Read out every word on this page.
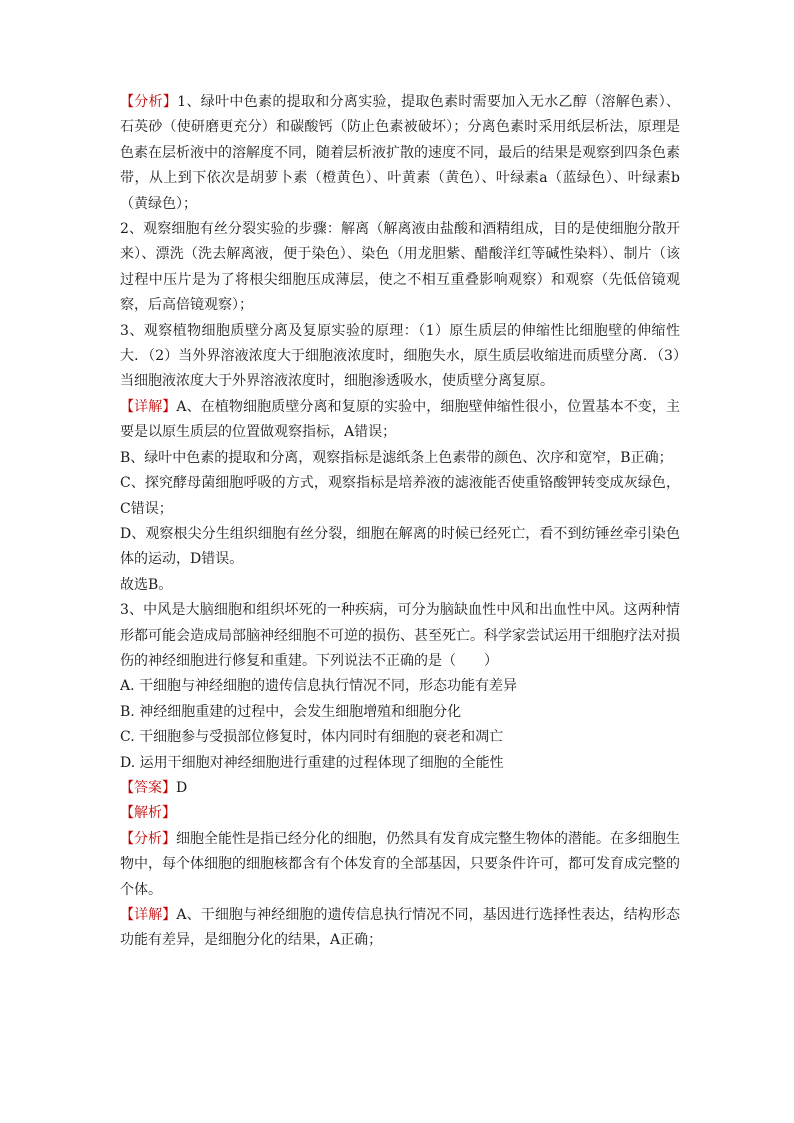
【分析】1、绿叶中色素的提取和分离实验，提取色素时需要加入无水乙醇（溶解色素）、石英砂（使研磨更充分）和碳酸钙（防止色素被破坏）；分离色素时采用纸层析法，原理是色素在层析液中的溶解度不同，随着层析液扩散的速度不同，最后的结果是观察到四条色素带，从上到下依次是胡萝卜素（橙黄色）、叶黄素（黄色）、叶绿素a（蓝绿色）、叶绿素b（黄绿色）；

2、观察细胞有丝分裂实验的步骤：解离（解离液由盐酸和酒精组成，目的是使细胞分散开来）、漂洗（洗去解离液，便于染色）、染色（用龙胆紫、醋酸洋红等碱性染料）、制片（该过程中压片是为了将根尖细胞压成薄层，使之不相互重叠影响观察）和观察（先低倍镜观察，后高倍镜观察）；

3、观察植物细胞质壁分离及复原实验的原理：（1）原生质层的伸缩性比细胞壁的伸缩性大．（2）当外界溶液浓度大于细胞液浓度时，细胞失水，原生质层收缩进而质壁分离．（3）当细胞液浓度大于外界溶液浓度时，细胞渗透吸水，使质壁分离复原。

【详解】A、在植物细胞质壁分离和复原的实验中，细胞壁伸缩性很小，位置基本不变，主要是以原生质层的位置做观察指标，A错误；

B、绿叶中色素的提取和分离，观察指标是滤纸条上色素带的颜色、次序和宽窄，B正确；

C、探究酵母菌细胞呼吸的方式，观察指标是培养液的滤液能否使重铬酸钾转变成灰绿色，C错误；

D、观察根尖分生组织细胞有丝分裂，细胞在解离的时候已经死亡，看不到纺锤丝牵引染色体的运动，D错误。

故选B。

3、中风是大脑细胞和组织坏死的一种疾病，可分为脑缺血性中风和出血性中风。这两种情形都可能会造成局部脑神经细胞不可逆的损伤、甚至死亡。科学家尝试运用干细胞疗法对损伤的神经细胞进行修复和重建。下列说法不正确的是（　　）

A. 干细胞与神经细胞的遗传信息执行情况不同，形态功能有差异

B. 神经细胞重建的过程中，会发生细胞增殖和细胞分化

C. 干细胞参与受损部位修复时，体内同时有细胞的衰老和凋亡

D. 运用干细胞对神经细胞进行重建的过程体现了细胞的全能性

【答案】D

【解析】

【分析】细胞全能性是指已经分化的细胞，仍然具有发育成完整生物体的潜能。在多细胞生物中，每个体细胞的细胞核都含有个体发育的全部基因，只要条件许可，都可发育成完整的个体。

【详解】A、干细胞与神经细胞的遗传信息执行情况不同，基因进行选择性表达，结构形态功能有差异，是细胞分化的结果，A正确；
